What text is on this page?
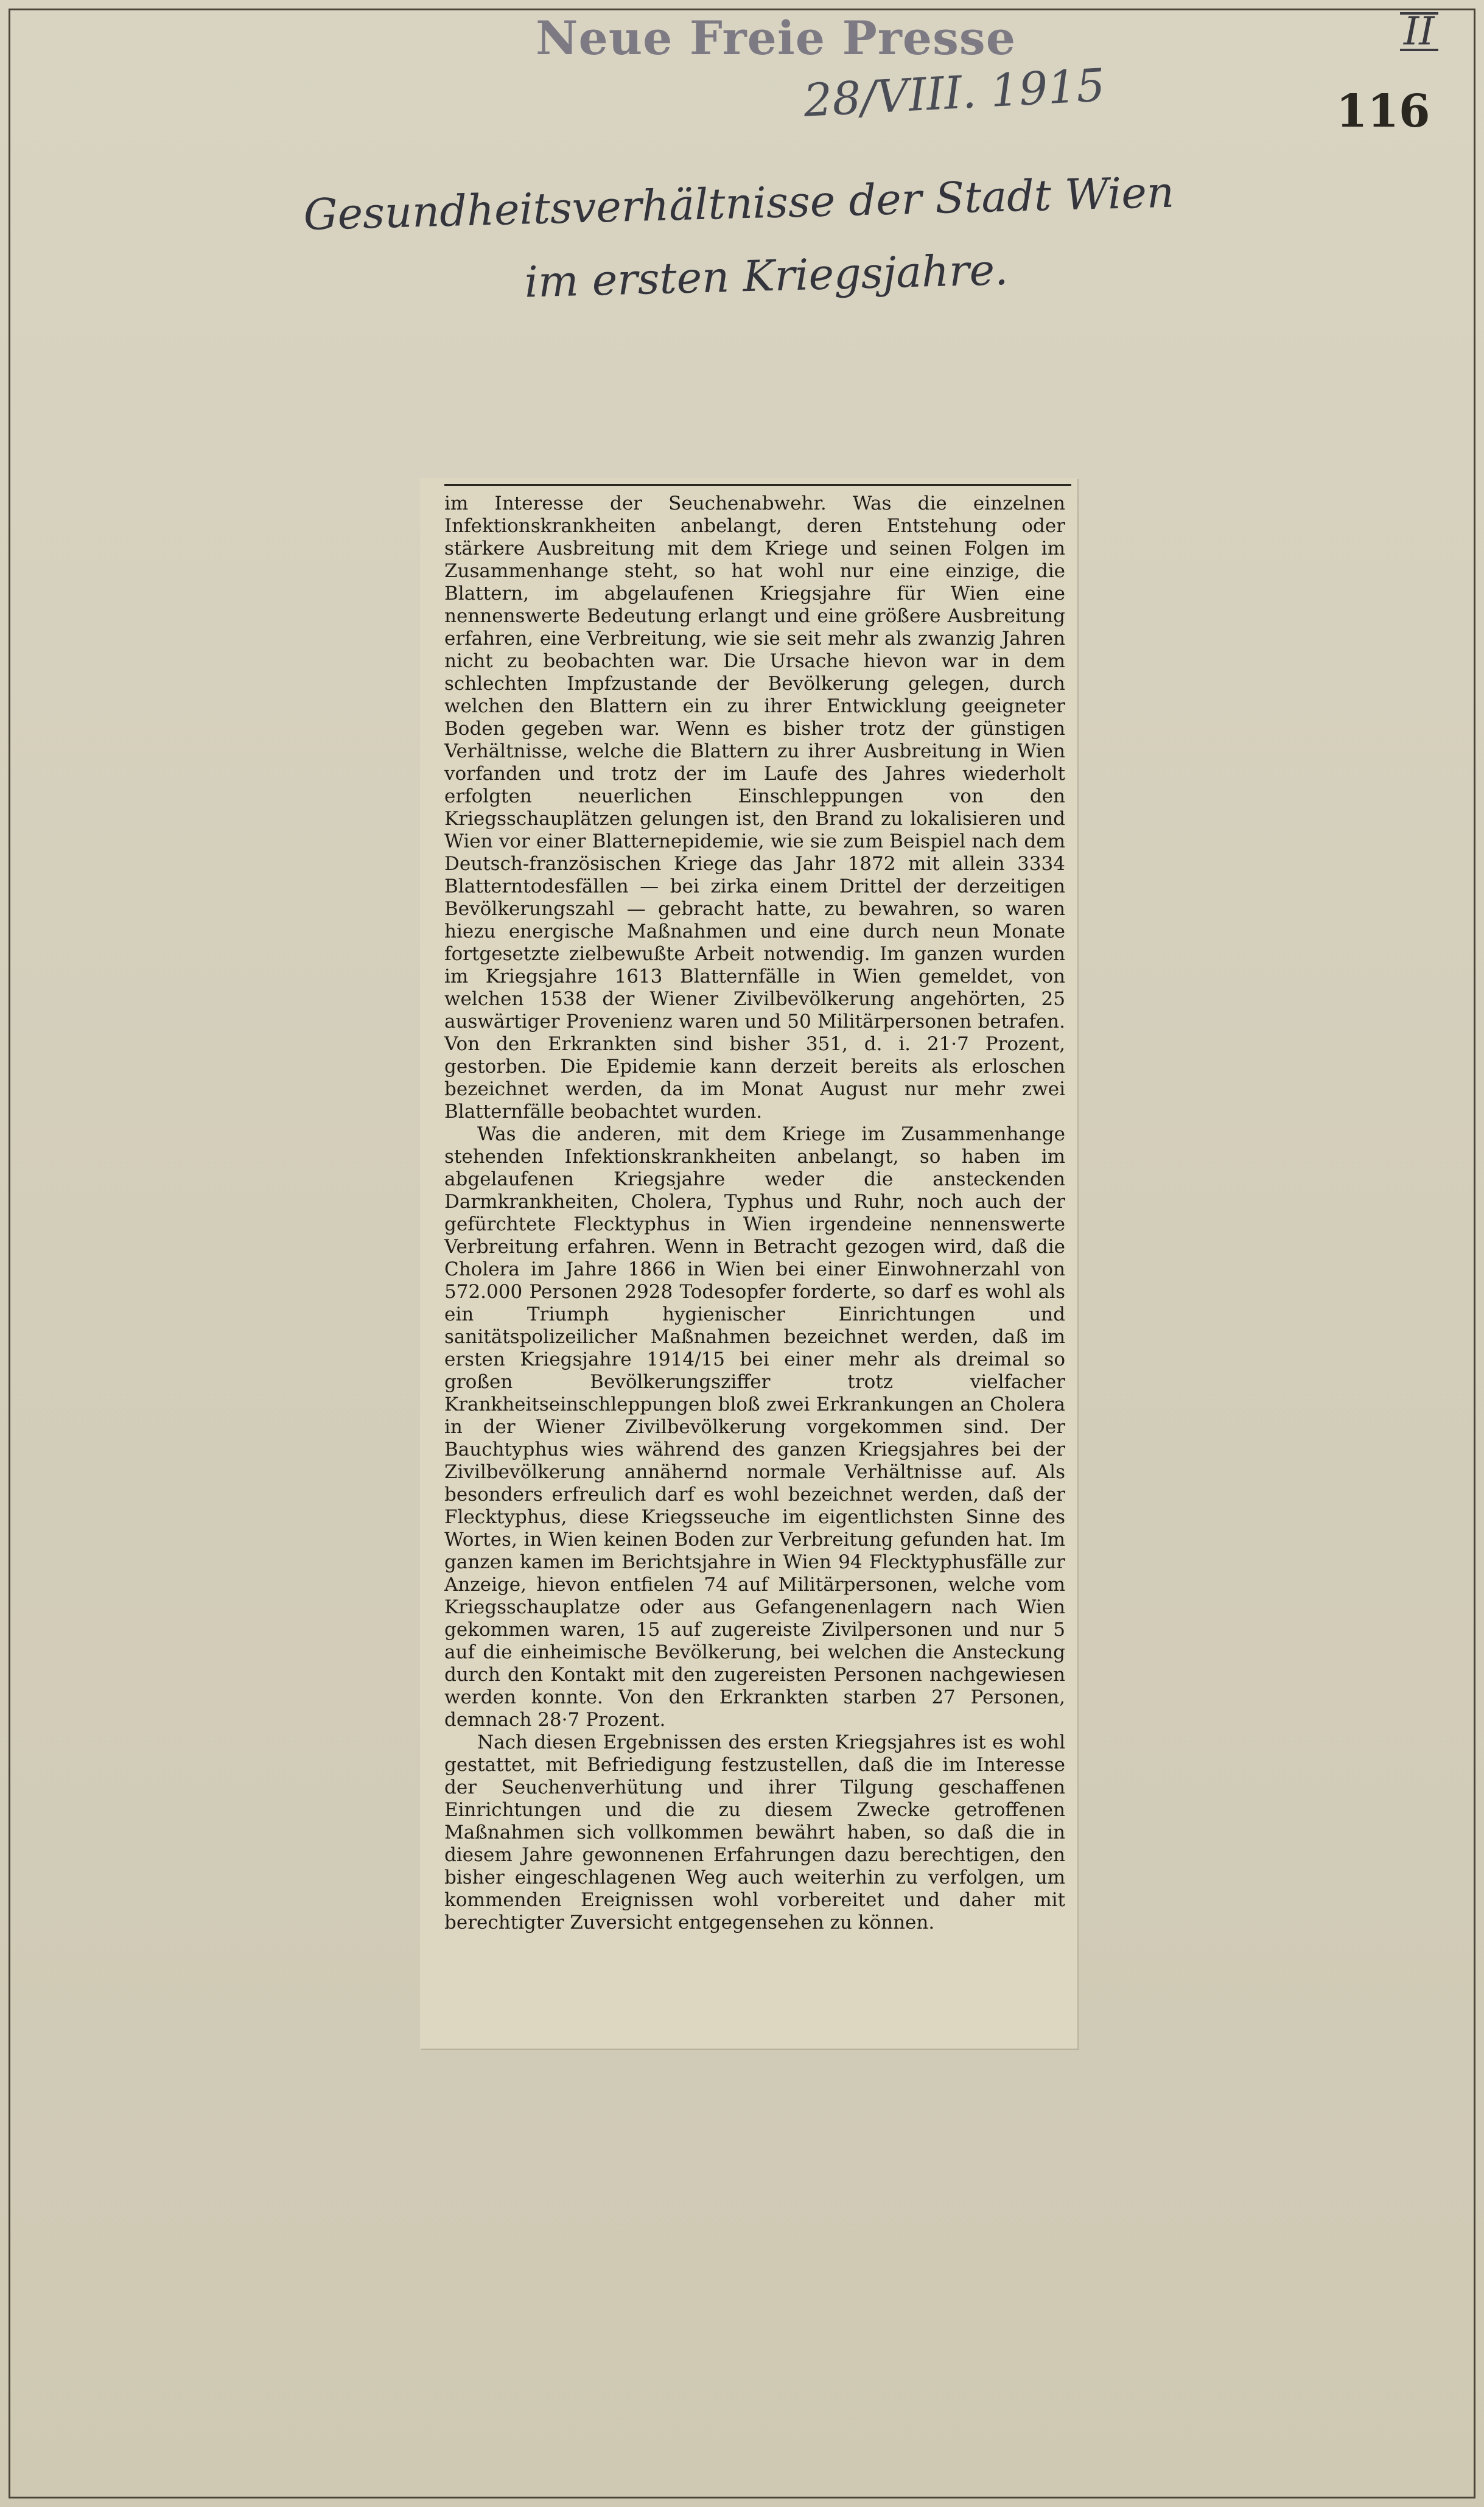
Neue Freie Presse
28/VIII. 1915
II
116
Gesundheitsverhältnisse der Stadt Wien
im ersten Kriegsjahre.

im Interesse der Seuchenabwehr. Was die einzelnen Infektionskrankheiten anbelangt, deren Entstehung oder stärkere Ausbreitung mit dem Kriege und seinen Folgen im Zusammenhange steht, so hat wohl nur eine einzige, die Blattern, im abgelaufenen Kriegsjahre für Wien eine nennenswerte Bedeutung erlangt und eine größere Ausbreitung erfahren, eine Verbreitung, wie sie seit mehr als zwanzig Jahren nicht zu beobachten war. Die Ursache hievon war in dem schlechten Impfzustande der Bevölkerung gelegen, durch welchen den Blattern ein zu ihrer Entwicklung geeigneter Boden gegeben war. Wenn es bisher trotz der günstigen Verhältnisse, welche die Blattern zu ihrer Ausbreitung in Wien vorfanden und trotz der im Laufe des Jahres wiederholt erfolgten neuerlichen Einschleppungen von den Kriegsschauplätzen gelungen ist, den Brand zu lokalisieren und Wien vor einer Blatternepidemie, wie sie zum Beispiel nach dem Deutsch-französischen Kriege das Jahr 1872 mit allein 3334 Blatterntodesfällen — bei zirka einem Drittel der derzeitigen Bevölkerungszahl — gebracht hatte, zu bewahren, so waren hiezu energische Maßnahmen und eine durch neun Monate fortgesetzte zielbewußte Arbeit notwendig. Im ganzen wurden im Kriegsjahre 1613 Blatternfälle in Wien gemeldet, von welchen 1538 der Wiener Zivilbevölkerung angehörten, 25 auswärtiger Provenienz waren und 50 Militärpersonen betrafen. Von den Erkrankten sind bisher 351, d. i. 21·7 Prozent, gestorben. Die Epidemie kann derzeit bereits als erloschen bezeichnet werden, da im Monat August nur mehr zwei Blatternfälle beobachtet wurden.

Was die anderen, mit dem Kriege im Zusammenhange stehenden Infektionskrankheiten anbelangt, so haben im abgelaufenen Kriegsjahre weder die ansteckenden Darmkrankheiten, Cholera, Typhus und Ruhr, noch auch der gefürchtete Flecktyphus in Wien irgendeine nennenswerte Verbreitung erfahren. Wenn in Betracht gezogen wird, daß die Cholera im Jahre 1866 in Wien bei einer Einwohnerzahl von 572.000 Personen 2928 Todesopfer forderte, so darf es wohl als ein Triumph hygienischer Einrichtungen und sanitätspolizeilicher Maßnahmen bezeichnet werden, daß im ersten Kriegsjahre 1914/15 bei einer mehr als dreimal so großen Bevölkerungsziffer trotz vielfacher Krankheitseinschleppungen bloß zwei Erkrankungen an Cholera in der Wiener Zivilbevölkerung vorgekommen sind. Der Bauchtyphus wies während des ganzen Kriegsjahres bei der Zivilbevölkerung annähernd normale Verhältnisse auf. Als besonders erfreulich darf es wohl bezeichnet werden, daß der Flecktyphus, diese Kriegsseuche im eigentlichsten Sinne des Wortes, in Wien keinen Boden zur Verbreitung gefunden hat. Im ganzen kamen im Berichtsjahre in Wien 94 Flecktyphusfälle zur Anzeige, hievon entfielen 74 auf Militärpersonen, welche vom Kriegsschauplatze oder aus Gefangenenlagern nach Wien gekommen waren, 15 auf zugereiste Zivilpersonen und nur 5 auf die einheimische Bevölkerung, bei welchen die Ansteckung durch den Kontakt mit den zugereisten Personen nachgewiesen werden konnte. Von den Erkrankten starben 27 Personen, demnach 28·7 Prozent.

Nach diesen Ergebnissen des ersten Kriegsjahres ist es wohl gestattet, mit Befriedigung festzustellen, daß die im Interesse der Seuchenverhütung und ihrer Tilgung geschaffenen Einrichtungen und die zu diesem Zwecke getroffenen Maßnahmen sich vollkommen bewährt haben, so daß die in diesem Jahre gewonnenen Erfahrungen dazu berechtigen, den bisher eingeschlagenen Weg auch weiterhin zu verfolgen, um kommenden Ereignissen wohl vorbereitet und daher mit berechtigter Zuversicht entgegensehen zu können.
